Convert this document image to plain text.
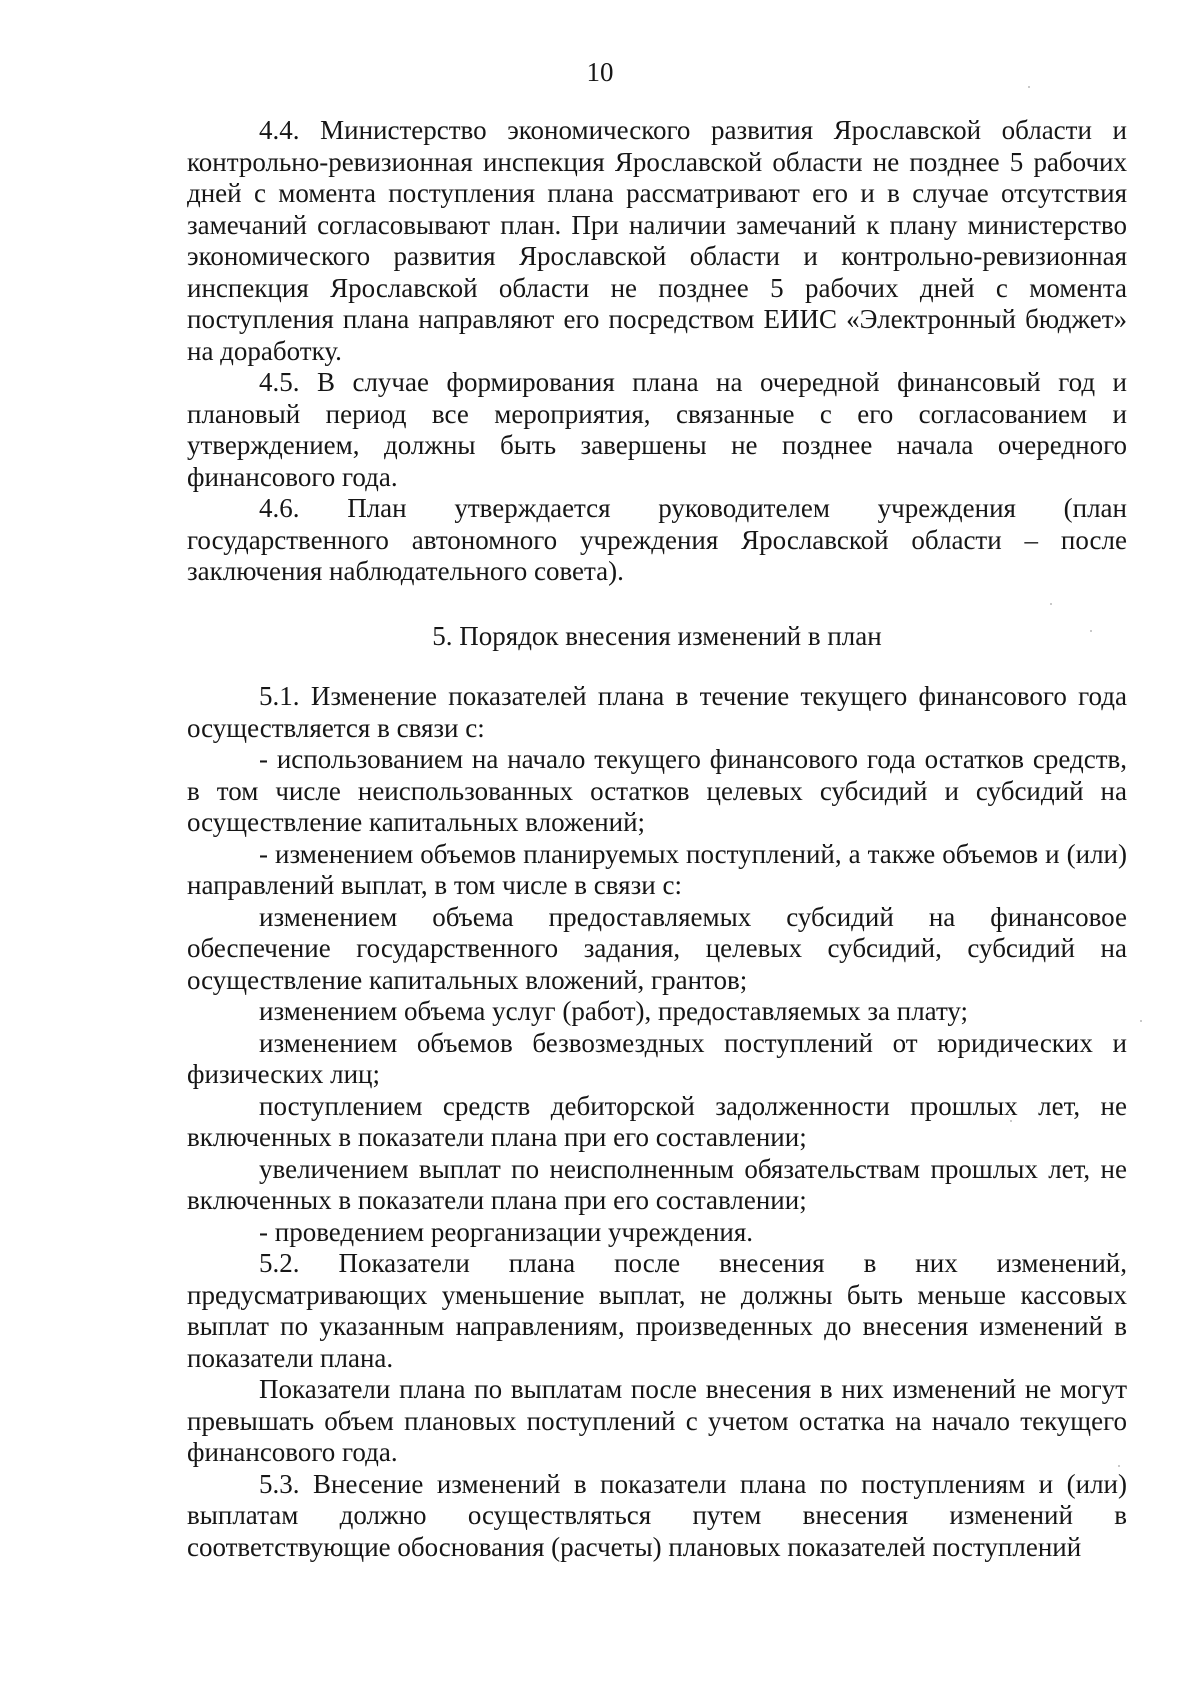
10

4.4. Министерство экономического развития Ярославской области и контрольно-ревизионная инспекция Ярославской области не позднее 5 рабочих дней с момента поступления плана рассматривают его и в случае отсутствия замечаний согласовывают план. При наличии замечаний к плану министерство экономического развития Ярославской области и контрольно-ревизионная инспекция Ярославской области не позднее 5 рабочих дней с момента поступления плана направляют его посредством ЕИИС «Электронный бюджет» на доработку.

4.5. В случае формирования плана на очередной финансовый год и плановый период все мероприятия, связанные с его согласованием и утверждением, должны быть завершены не позднее начала очередного финансового года.

4.6. План утверждается руководителем учреждения (план государственного автономного учреждения Ярославской области – после заключения наблюдательного совета).

5. Порядок внесения изменений в план

5.1. Изменение показателей плана в течение текущего финансового года осуществляется в связи с:

- использованием на начало текущего финансового года остатков средств, в том числе неиспользованных остатков целевых субсидий и субсидий на осуществление капитальных вложений;

- изменением объемов планируемых поступлений, а также объемов и (или) направлений выплат, в том числе в связи с:

изменением объема предоставляемых субсидий на финансовое обеспечение государственного задания, целевых субсидий, субсидий на осуществление капитальных вложений, грантов;

изменением объема услуг (работ), предоставляемых за плату;

изменением объемов безвозмездных поступлений от юридических и физических лиц;

поступлением средств дебиторской задолженности прошлых лет, не включенных в показатели плана при его составлении;

увеличением выплат по неисполненным обязательствам прошлых лет, не включенных в показатели плана при его составлении;

- проведением реорганизации учреждения.

5.2. Показатели плана после внесения в них изменений, предусматривающих уменьшение выплат, не должны быть меньше кассовых выплат по указанным направлениям, произведенных до внесения изменений в показатели плана.

Показатели плана по выплатам после внесения в них изменений не могут превышать объем плановых поступлений с учетом остатка на начало текущего финансового года.

5.3. Внесение изменений в показатели плана по поступлениям и (или) выплатам должно осуществляться путем внесения изменений в соответствующие обоснования (расчеты) плановых показателей поступлений
